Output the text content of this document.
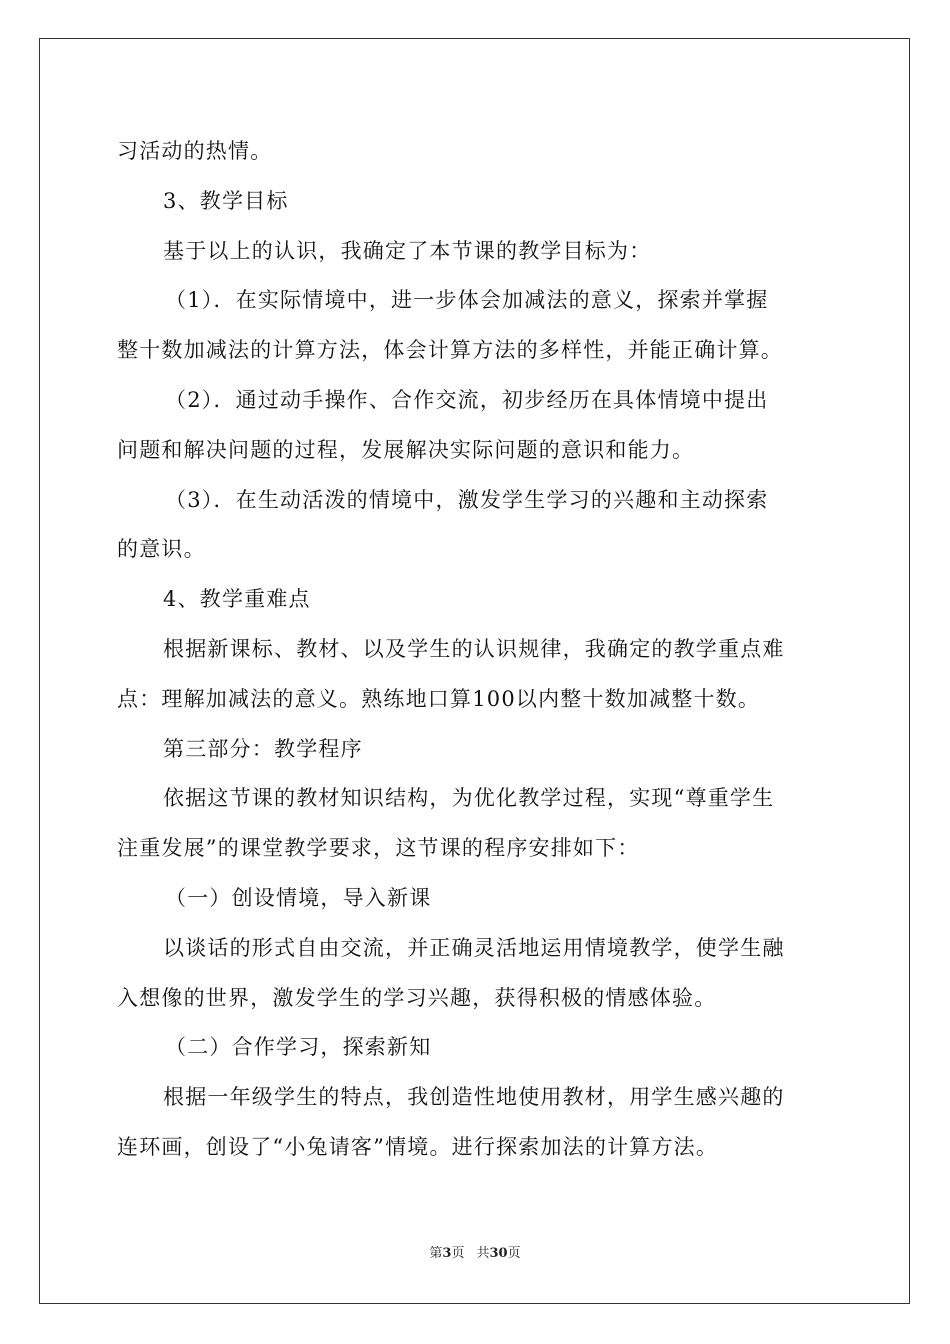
习活动的热情。

3、教学目标

基于以上的认识，我确定了本节课的教学目标为：

（1）．在实际情境中，进一步体会加减法的意义，探索并掌握

整十数加减法的计算方法，体会计算方法的多样性，并能正确计算。

（2）．通过动手操作、合作交流，初步经历在具体情境中提出

问题和解决问题的过程，发展解决实际问题的意识和能力。

（3）．在生动活泼的情境中，激发学生学习的兴趣和主动探索

的意识。

4、教学重难点

根据新课标、教材、以及学生的认识规律，我确定的教学重点难

点：理解加减法的意义。熟练地口算100以内整十数加减整十数。

第三部分：教学程序

依据这节课的教材知识结构，为优化教学过程，实现“尊重学生

注重发展”的课堂教学要求，这节课的程序安排如下：

（一）创设情境，导入新课

以谈话的形式自由交流，并正确灵活地运用情境教学，使学生融

入想像的世界，激发学生的学习兴趣，获得积极的情感体验。

（二）合作学习，探索新知

根据一年级学生的特点，我创造性地使用教材，用学生感兴趣的

连环画，创设了“小兔请客”情境。进行探索加法的计算方法。

第3页 共30页
